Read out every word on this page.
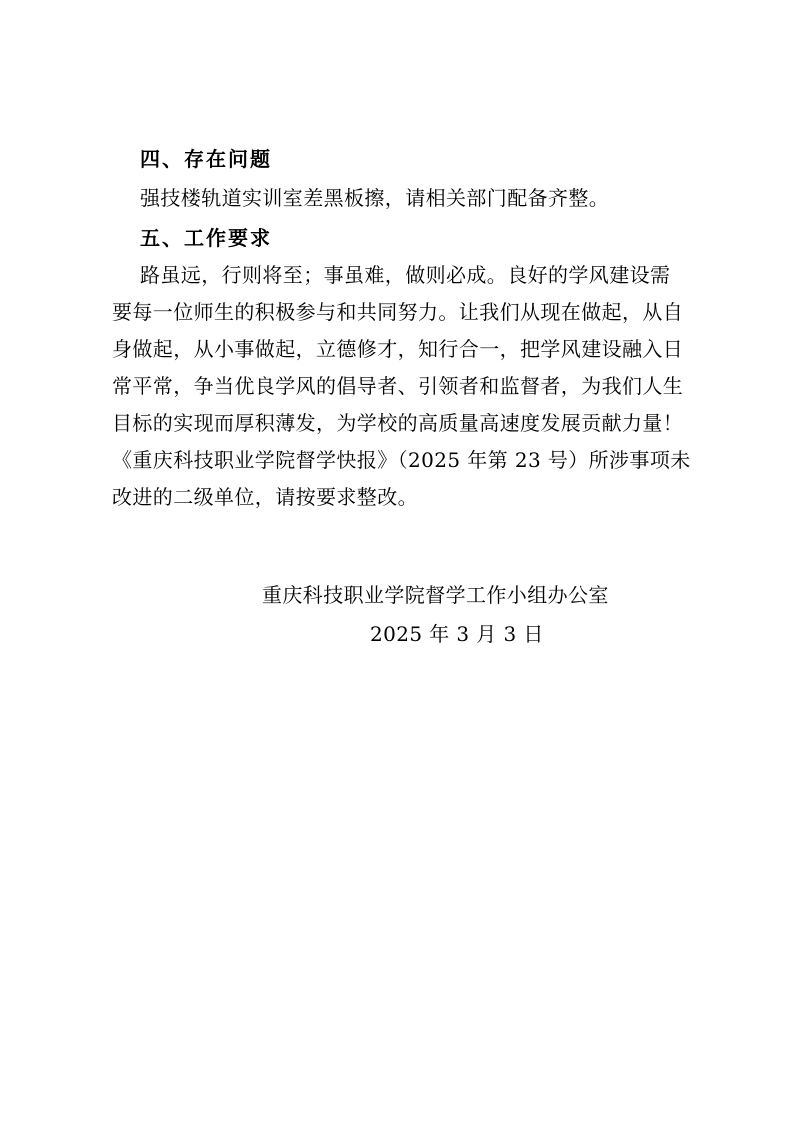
四、存在问题
强技楼轨道实训室差黑板擦，请相关部门配备齐整。
五、工作要求

路虽远，行则将至；事虽难，做则必成。良好的学风建设需

要每一位师生的积极参与和共同努力。让我们从现在做起，从自

身做起，从小事做起，立德修才，知行合一，把学风建设融入日

常平常，争当优良学风的倡导者、引领者和监督者，为我们人生

目标的实现而厚积薄发，为学校的高质量高速度发展贡献力量！

《重庆科技职业学院督学快报》（2025 年第 23 号）所涉事项未

改进的二级单位，请按要求整改。

重庆科技职业学院督学工作小组办公室
2025 年 3 月 3 日
